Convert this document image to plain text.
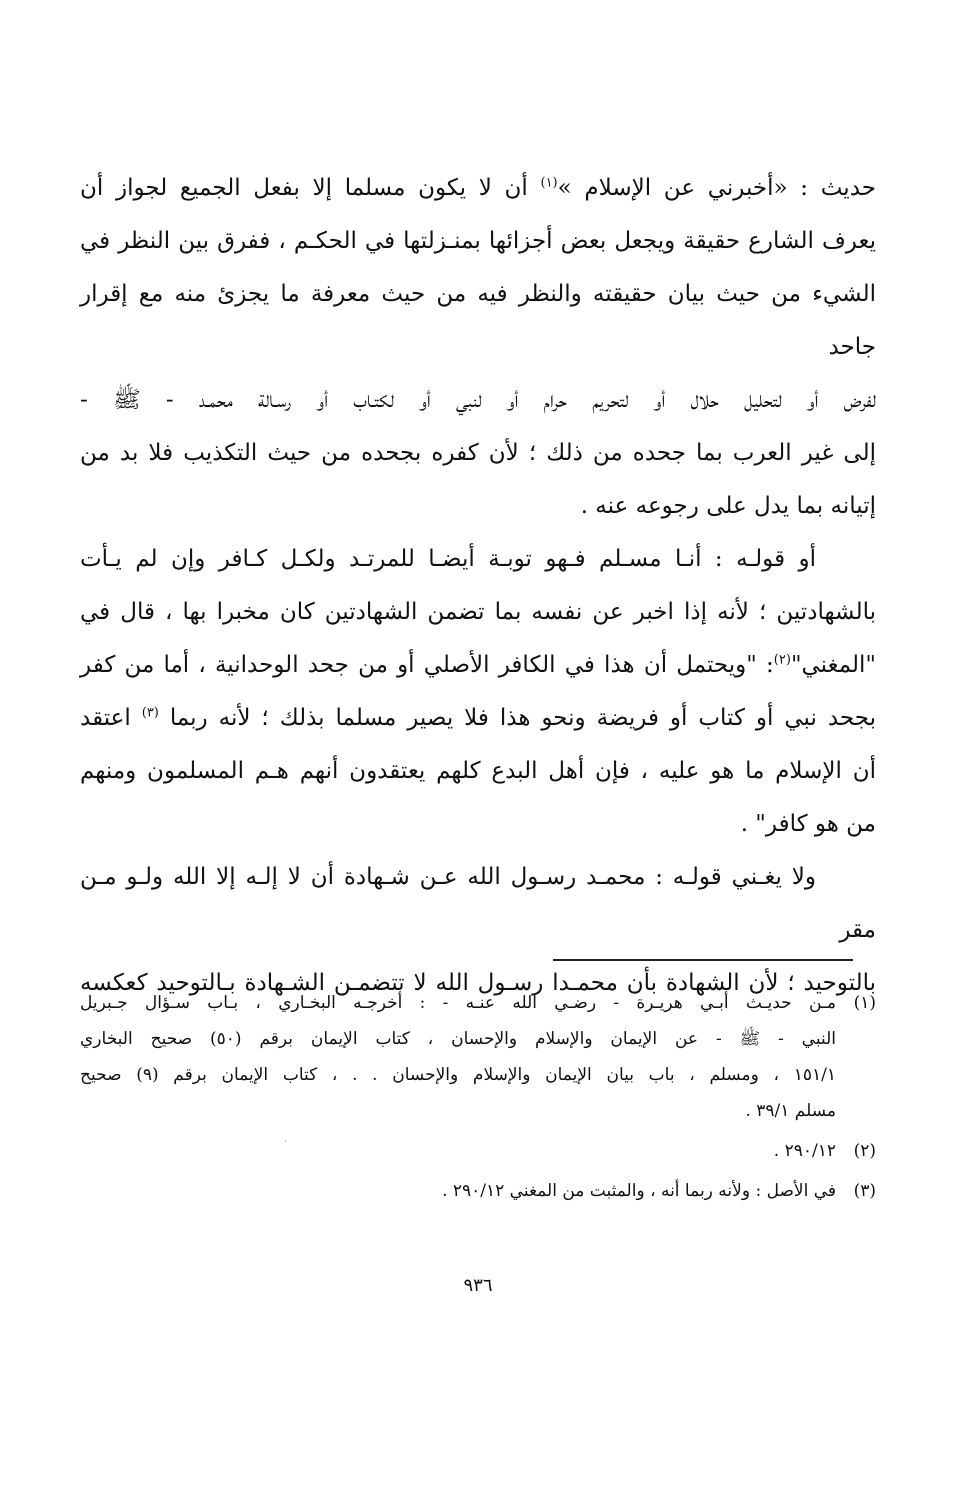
حديث : «أخبرني عن الإسلام »$^{(١)}$ أن لا يكون مسلما إلا بفعل الجميع لجواز أن

يعرف الشارع حقيقة ويجعل بعض أجزائها بمنـزلتها في الحكـم ، ففرق بين النظر في

الشيء من حيث بيان حقيقته والنظر فيه من حيث معرفة ما يجزئ منه مع إقرار جاحد

لفرض أو لتحليل حلال أو لتحريم حرام أو لنبي أو لكتـاب أو رسـالة محمـد - ﷺ -

إلى غير العرب بما جحده من ذلك ؛ لأن كفره بجحده من حيث التكذيب فلا بد من

إتيانه بما يدل على رجوعه عنه .

أو قولـه : أنـا مسـلم فـهو توبـة أيضـا للمرتـد ولكـل كـافر وإن لم يـأت

بالشهادتين ؛ لأنه إذا اخبر عن نفسه بما تضمن الشهادتين كان مخبرا بها ، قال في

"المغني"$^{(٢)}$: "ويحتمل أن هذا في الكافر الأصلي أو من جحد الوحدانية ، أما من كفر

بجحد نبي أو كتاب أو فريضة ونحو هذا فلا يصير مسلما بذلك ؛ لأنه ربما $^{(٣)}$ اعتقد

أن الإسلام ما هو عليه ، فإن أهل البدع كلهم يعتقدون أنهم هـم المسلمون ومنهم

من هو كافر" .

ولا يغـني قولـه : محمـد رسـول الله عـن شـهادة أن لا إلـه إلا الله ولـو مـن مقر

بالتوحيد ؛ لأن الشهادة بأن محمـدا رسـول الله لا تتضمـن الشـهادة بـالتوحيد كعكسه

(١)مـن حديـث أبـي هريـرة - رضـي الله عنـه - : أخرجـه البخـاري ، بـاب سـؤال جـبريل

النبي - ﷺ - عن الإيمان والإسلام والإحسان ، كتاب الإيمان برقم (٥٠) صحيح البخاري

١٥١/١ ، ومسلم ، باب بيان الإيمان والإسلام والإحسان . . ، كتاب الإيمان برقم (٩) صحيح

مسلم ٣٩/١ .

(٢)٢٩٠/١٢ .

(٣)في الأصل : ولأنه ربما أنه ، والمثبت من المغني ٢٩٠/١٢ .

٩٣٦
